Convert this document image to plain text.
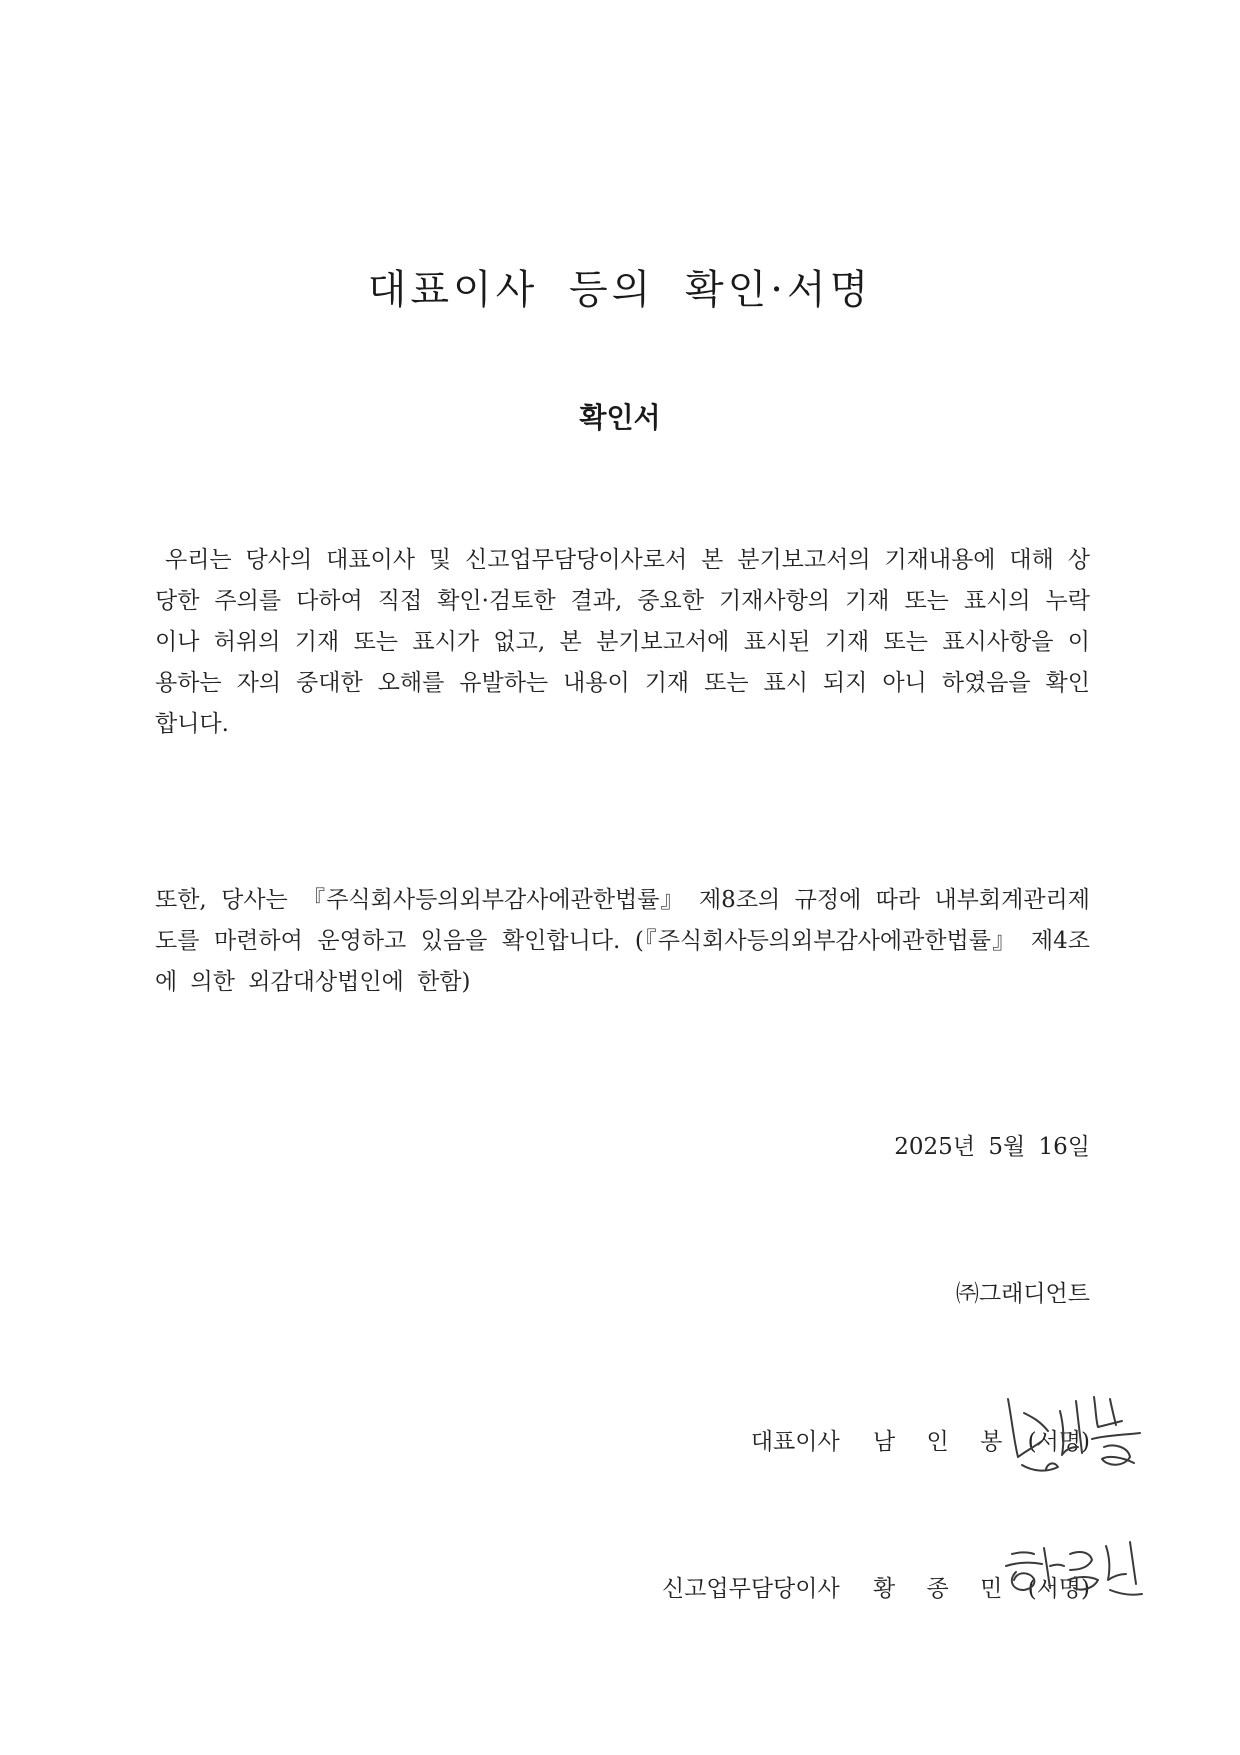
대표이사 등의 확인·서명
확인서
우리는 당사의 대표이사 및 신고업무담당이사로서 본 분기보고서의 기재내용에 대해 상당한 주의를 다하여 직접 확인·검토한 결과, 중요한 기재사항의 기재 또는 표시의 누락이나 허위의 기재 또는 표시가 없고, 본 분기보고서에 표시된 기재 또는 표시사항을 이용하는 자의 중대한 오해를 유발하는 내용이 기재 또는 표시 되지 아니 하였음을 확인합니다.
또한, 당사는 『주식회사등의외부감사에관한법률』 제8조의 규정에 따라 내부회계관리제도를 마련하여 운영하고 있음을 확인합니다. (『주식회사등의외부감사에관한법률』 제4조에 의한 외감대상법인에 한함)
2025년 5월 16일
㈜그래디언트
대표이사 남 인 봉 (서명)
신고업무담당이사 황 종 민 (서명)
